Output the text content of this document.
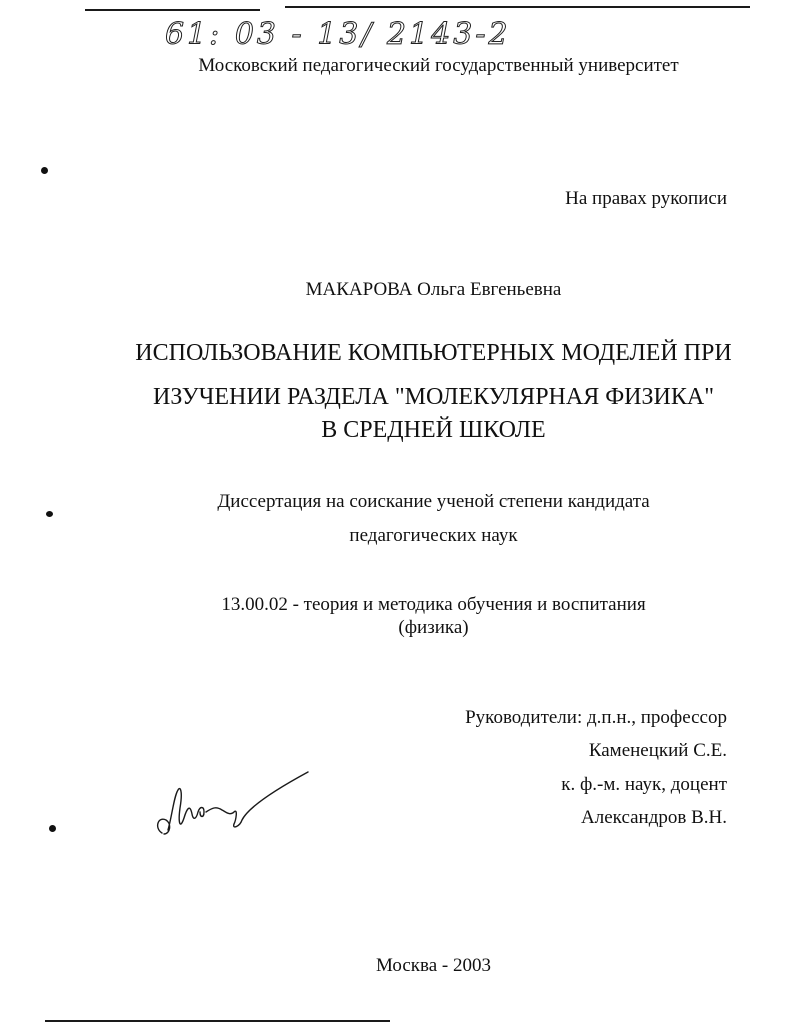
61: 03 - 13/ 2143-2
Московский педагогический государственный университет
На правах рукописи
МАКАРОВА Ольга Евгеньевна
ИСПОЛЬЗОВАНИЕ КОМПЬЮТЕРНЫХ МОДЕЛЕЙ ПРИ
ИЗУЧЕНИИ РАЗДЕЛА "МОЛЕКУЛЯРНАЯ ФИЗИКА"
В СРЕДНЕЙ ШКОЛЕ
Диссертация на соискание ученой степени кандидата
педагогических наук
13.00.02 - теория и методика обучения и воспитания
(физика)
Руководители: д.п.н., профессор
Каменецкий С.Е.
к. ф.-м. наук, доцент
Александров В.Н.
Москва - 2003
